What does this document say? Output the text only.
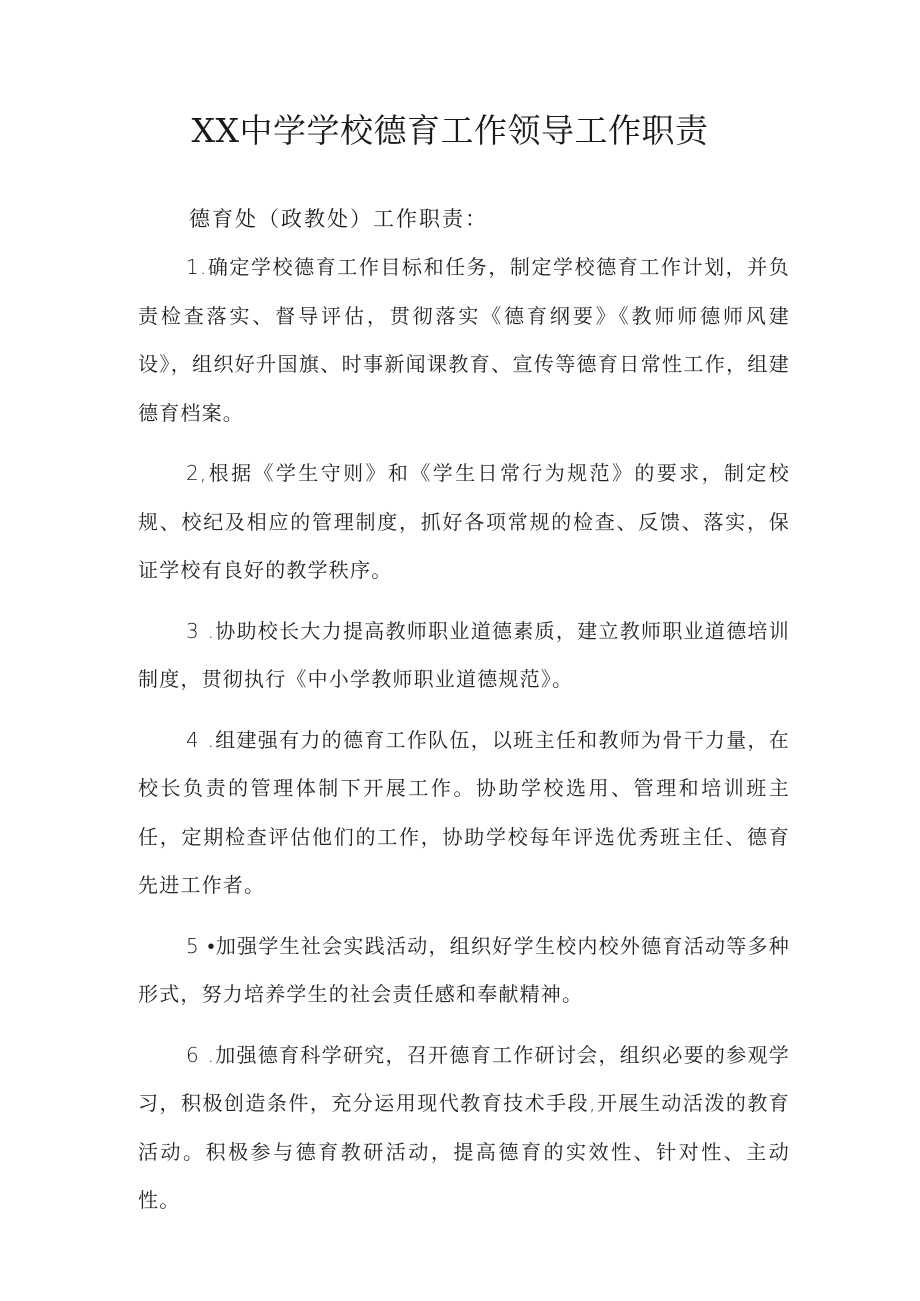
XX中学学校德育工作领导工作职责
德育处（政教处）工作职责：

1.确定学校德育工作目标和任务，制定学校德育工作计划，并负责检查落实、督导评估，贯彻落实《德育纲要》《教师师德师风建设》，组织好升国旗、时事新闻课教育、宣传等德育日常性工作，组建德育档案。

2,根据《学生守则》和《学生日常行为规范》的要求，制定校规、校纪及相应的管理制度，抓好各项常规的检查、反馈、落实，保证学校有良好的教学秩序。

3 .协助校长大力提高教师职业道德素质，建立教师职业道德培训制度，贯彻执行《中小学教师职业道德规范》。

4 .组建强有力的德育工作队伍，以班主任和教师为骨干力量，在校长负责的管理体制下开展工作。协助学校选用、管理和培训班主任，定期检查评估他们的工作，协助学校每年评选优秀班主任、德育先进工作者。

5 •加强学生社会实践活动，组织好学生校内校外德育活动等多种形式，努力培养学生的社会责任感和奉献精神。

6 .加强德育科学研究，召开德育工作研讨会，组织必要的参观学习，积极创造条件，充分运用现代教育技术手段,开展生动活泼的教育活动。积极参与德育教研活动，提高德育的实效性、针对性、主动性。
